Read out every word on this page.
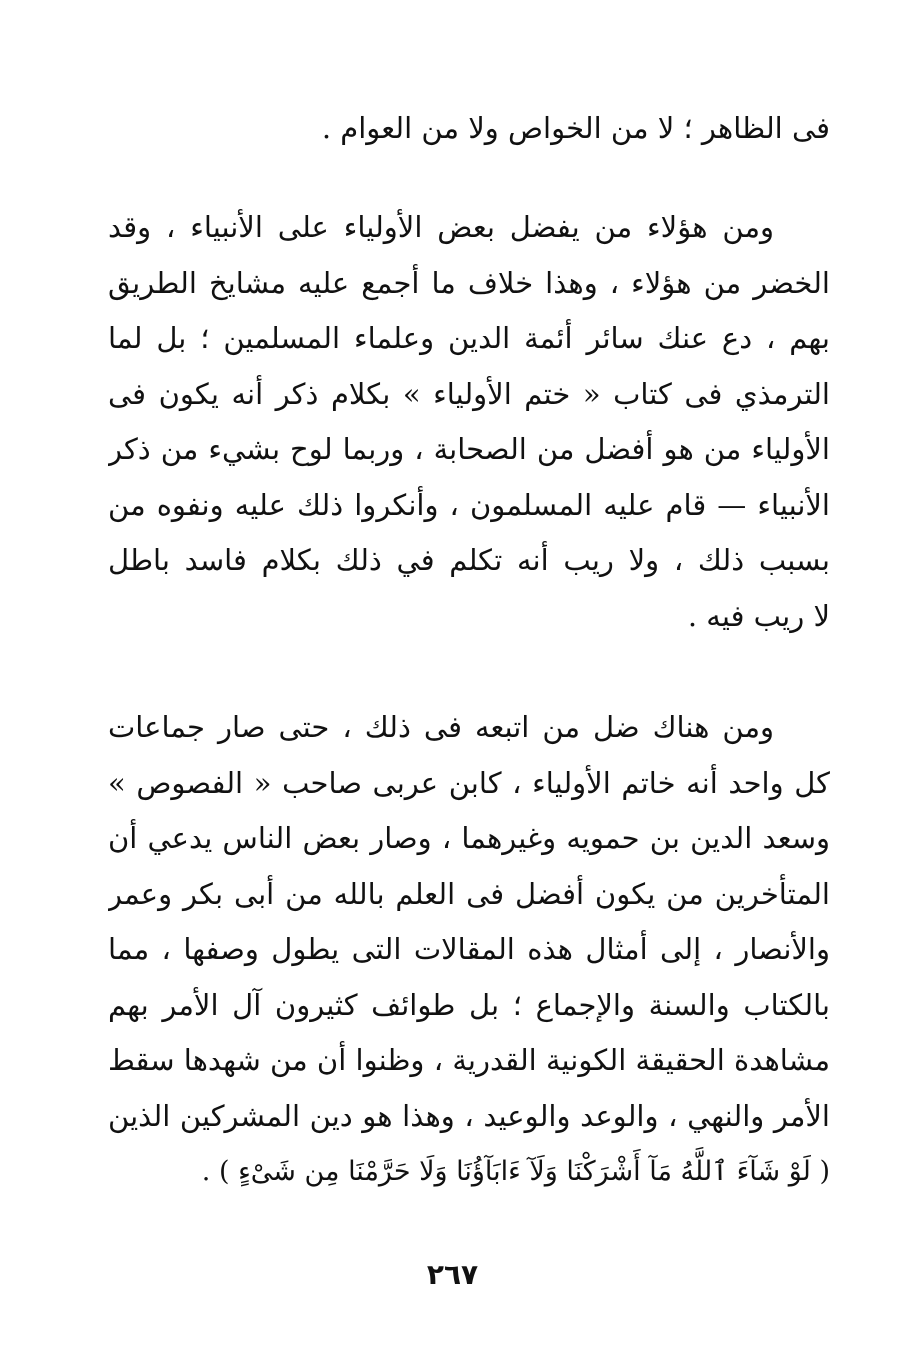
فى الظاهر ؛ لا من الخواص ولا من العوام .
ومن هؤلاء من يفضل بعض الأولياء على الأنبياء ، وقد
الخضر من هؤلاء ، وهذا خلاف ما أجمع عليه مشايخ الطريق
بهم ، دع عنك سائر أئمة الدين وعلماء المسلمين ؛ بل لما
الترمذي فى كتاب « ختم الأولياء » بكلام ذكر أنه يكون فى
الأولياء من هو أفضل من الصحابة ، وربما لوح بشيء من ذكر
الأنبياء — قام عليه المسلمون ، وأنكروا ذلك عليه ونفوه من
بسبب ذلك ، ولا ريب أنه تكلم في ذلك بكلام فاسد باطل
لا ريب فيه .
ومن هناك ضل من اتبعه فى ذلك ، حتى صار جماعات
كل واحد أنه خاتم الأولياء ، كابن عربى صاحب « الفصوص »
وسعد الدين بن حمويه وغيرهما ، وصار بعض الناس يدعي أن
المتأخرين من يكون أفضل فى العلم بالله من أبى بكر وعمر
والأنصار ، إلى أمثال هذه المقالات التى يطول وصفها ، مما
بالكتاب والسنة والإجماع ؛ بل طوائف كثيرون آل الأمر بهم
مشاهدة الحقيقة الكونية القدرية ، وظنوا أن من شهدها سقط
الأمر والنهي ، والوعد والوعيد ، وهذا هو دين المشركين الذين
( لَوْ شَآءَ ٱللَّهُ مَآ أَشْرَكْنَا وَلَآ ءَابَآؤُنَا وَلَا حَرَّمْنَا مِن شَىْءٍ ) .
٢٦٧
